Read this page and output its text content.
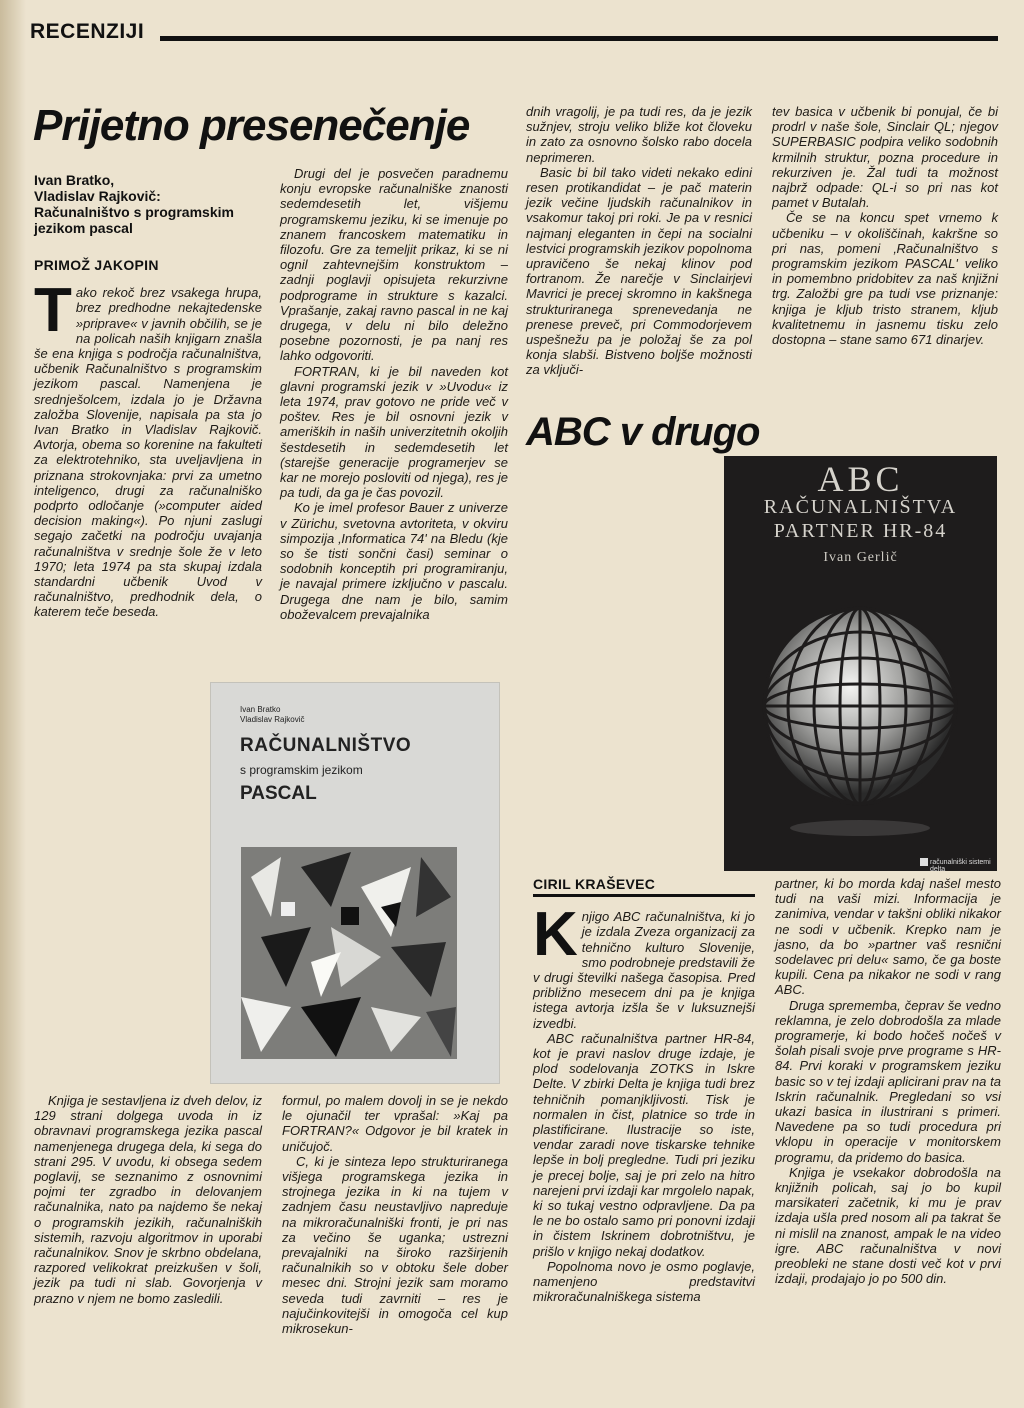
RECENZIJI
Prijetno presenečenje
Ivan Bratko,
Vladislav Rajkovič:
Računalništvo s programskim
jezikom pascal
PRIMOŽ JAKOPIN

Tako rekoč brez vsakega hrupa, brez predhodne nekajtedenske »priprave« v javnih občilih, se je na policah naših knjigarn znašla še ena knjiga s področja računalništva, učbenik Računalništvo s programskim jezikom pascal. Namenjena je srednješolcem, izdala jo je Državna založba Slovenije, napisala pa sta jo Ivan Bratko in Vladislav Rajkovič. Avtorja, obema so korenine na fakulteti za elektrotehniko, sta uveljavljena in priznana strokovnjaka: prvi za umetno inteligenco, drugi za računalniško podprto odločanje (»computer aided decision making«). Po njuni zaslugi segajo začetki na področju uvajanja računalništva v srednje šole že v leto 1970; leta 1974 pa sta skupaj izdala standardni učbenik Uvod v računalništvo, predhodnik dela, o katerem teče beseda.

Knjiga je sestavljena iz dveh delov, iz 129 strani dolgega uvoda in iz obravnavi programskega jezika pascal namenjenega drugega dela, ki sega do strani 295. V uvodu, ki obsega sedem poglavij, se seznanimo z osnovnimi pojmi ter zgradbo in delovanjem računalnika, nato pa najdemo še nekaj o programskih jezikih, računalniških sistemih, razvoju algoritmov in uporabi računalnikov. Snov je skrbno obdelana, razpored velikokrat preizkušen v šoli, jezik pa tudi ni slab. Govorjenja v prazno v njem ne bomo zasledili.

Drugi del je posvečen paradnemu konju evropske računalniške znanosti sedemdesetih let, višjemu programskemu jeziku, ki se imenuje po znanem francoskem matematiku in filozofu. Gre za temeljit prikaz, ki se ni ognil zahtevnejšim konstruktom – zadnji poglavji opisujeta rekurzivne podprograme in strukture s kazalci. Vprašanje, zakaj ravno pascal in ne kaj drugega, v delu ni bilo deležno posebne pozornosti, je pa nanj res lahko odgovoriti.

FORTRAN, ki je bil naveden kot glavni programski jezik v »Uvodu« iz leta 1974, prav gotovo ne pride več v poštev. Res je bil osnovni jezik v ameriških in naših univerzitetnih okoljih šestdesetih in sedemdesetih let (starejše generacije programerjev se kar ne morejo posloviti od njega), res je pa tudi, da ga je čas povozil.

Ko je imel profesor Bauer z univerze v Zürichu, svetovna avtoriteta, v okviru simpozija ‚Informatica 74' na Bledu (kje so še tisti sončni časi) seminar o sodobnih konceptih pri programiranju, je navajal primere izključno v pascalu. Drugega dne nam je bilo, samim oboževalcem prevajalnika

formul, po malem dovolj in se je nekdo le ojunačil ter vprašal: »Kaj pa FORTRAN?« Odgovor je bil kratek in uničujoč.

C, ki je sinteza lepo strukturiranega višjega programskega jezika in strojnega jezika in ki na tujem v zadnjem času neustavljivo napreduje na mikroračunalniški fronti, je pri nas za večino še uganka; ustrezni prevajalniki na široko razširjenih računalnikih so v obtoku šele dober mesec dni. Strojni jezik sam moramo seveda tudi zavrniti – res je najučinkovitejši in omogoča cel kup mikrosekun-

dnih vragolij, je pa tudi res, da je jezik sužnjev, stroju veliko bliže kot človeku in zato za osnovno šolsko rabo docela neprimeren.

Basic bi bil tako videti nekako edini resen protikandidat – je pač materin jezik večine ljudskih računalnikov in vsakomur takoj pri roki. Je pa v resnici najmanj eleganten in čepi na socialni lestvici programskih jezikov popolnoma upravičeno še nekaj klinov pod fortranom. Že narečje v Sinclairjevi Mavrici je precej skromno in kakšnega strukturiranega sprenevedanja ne prenese preveč, pri Commodorjevem uspešnežu pa je položaj še za pol konja slabši. Bistveno boljše možnosti za vključi-

tev basica v učbenik bi ponujal, če bi prodrl v naše šole, Sinclair QL; njegov SUPERBASIC podpira veliko sodobnih krmilnih struktur, pozna procedure in rekurziven je. Žal tudi ta možnost najbrž odpade: QL-i so pri nas kot pamet v Butalah.

Če se na koncu spet vrnemo k učbeniku – v okoliščinah, kakršne so pri nas, pomeni ‚Računalništvo s programskim jezikom PASCAL' veliko in pomembno pridobitev za naš knjižni trg. Založbi gre pa tudi vse priznanje: knjiga je kljub tristo stranem, kljub kvalitetnemu in jasnemu tisku zelo dostopna – stane samo 671 dinarjev.

ABC v drugo
Ivan Bratko
Vladislav Rajkovič
RAČUNALNIŠTVO
s programskim jezikom
PASCAL
ABC
RAČUNALNIŠTVA
PARTNER HR-84
Ivan Gerlič
računalniški sistemi delta
CIRIL KRAŠEVEC

Knjigo ABC računalništva, ki jo je izdala Zveza organizacij za tehnično kulturo Slovenije, smo podrobneje predstavili že v drugi številki našega časopisa. Pred približno mesecem dni pa je knjiga istega avtorja izšla še v luksuznejši izvedbi.

ABC računalništva partner HR-84, kot je pravi naslov druge izdaje, je plod sodelovanja ZOTKS in Iskre Delte. V zbirki Delta je knjiga tudi brez tehničnih pomanjkljivosti. Tisk je normalen in čist, platnice so trde in plastificirane. Ilustracije so iste, vendar zaradi nove tiskarske tehnike lepše in bolj pregledne. Tudi pri jeziku je precej bolje, saj je pri zelo na hitro narejeni prvi izdaji kar mrgolelo napak, ki so tukaj vestno odpravljene. Da pa le ne bo ostalo samo pri ponovni izdaji in čistem Iskrinem dobrotništvu, je prišlo v knjigo nekaj dodatkov.

Popolnoma novo je osmo poglavje, namenjeno predstavitvi mikroračunalniškega sistema

partner, ki bo morda kdaj našel mesto tudi na vaši mizi. Informacija je zanimiva, vendar v takšni obliki nikakor ne sodi v učbenik. Krepko nam je jasno, da bo »partner vaš resnični sodelavec pri delu« samo, če ga boste kupili. Cena pa nikakor ne sodi v rang ABC.

Druga sprememba, čeprav še vedno reklamna, je zelo dobrodošla za mlade programerje, ki bodo hočeš nočeš v šolah pisali svoje prve programe s HR-84. Prvi koraki v programskem jeziku basic so v tej izdaji aplicirani prav na ta Iskrin računalnik. Pregledani so vsi ukazi basica in ilustrirani s primeri. Navedene pa so tudi procedura pri vklopu in operacije v monitorskem programu, da pridemo do basica.

Knjiga je vsekakor dobrodošla na knjižnih policah, saj jo bo kupil marsikateri začetnik, ki mu je prav izdaja ušla pred nosom ali pa takrat še ni mislil na znanost, ampak le na video igre. ABC računalništva v novi preobleki ne stane dosti več kot v prvi izdaji, prodajajo jo po 500 din.
